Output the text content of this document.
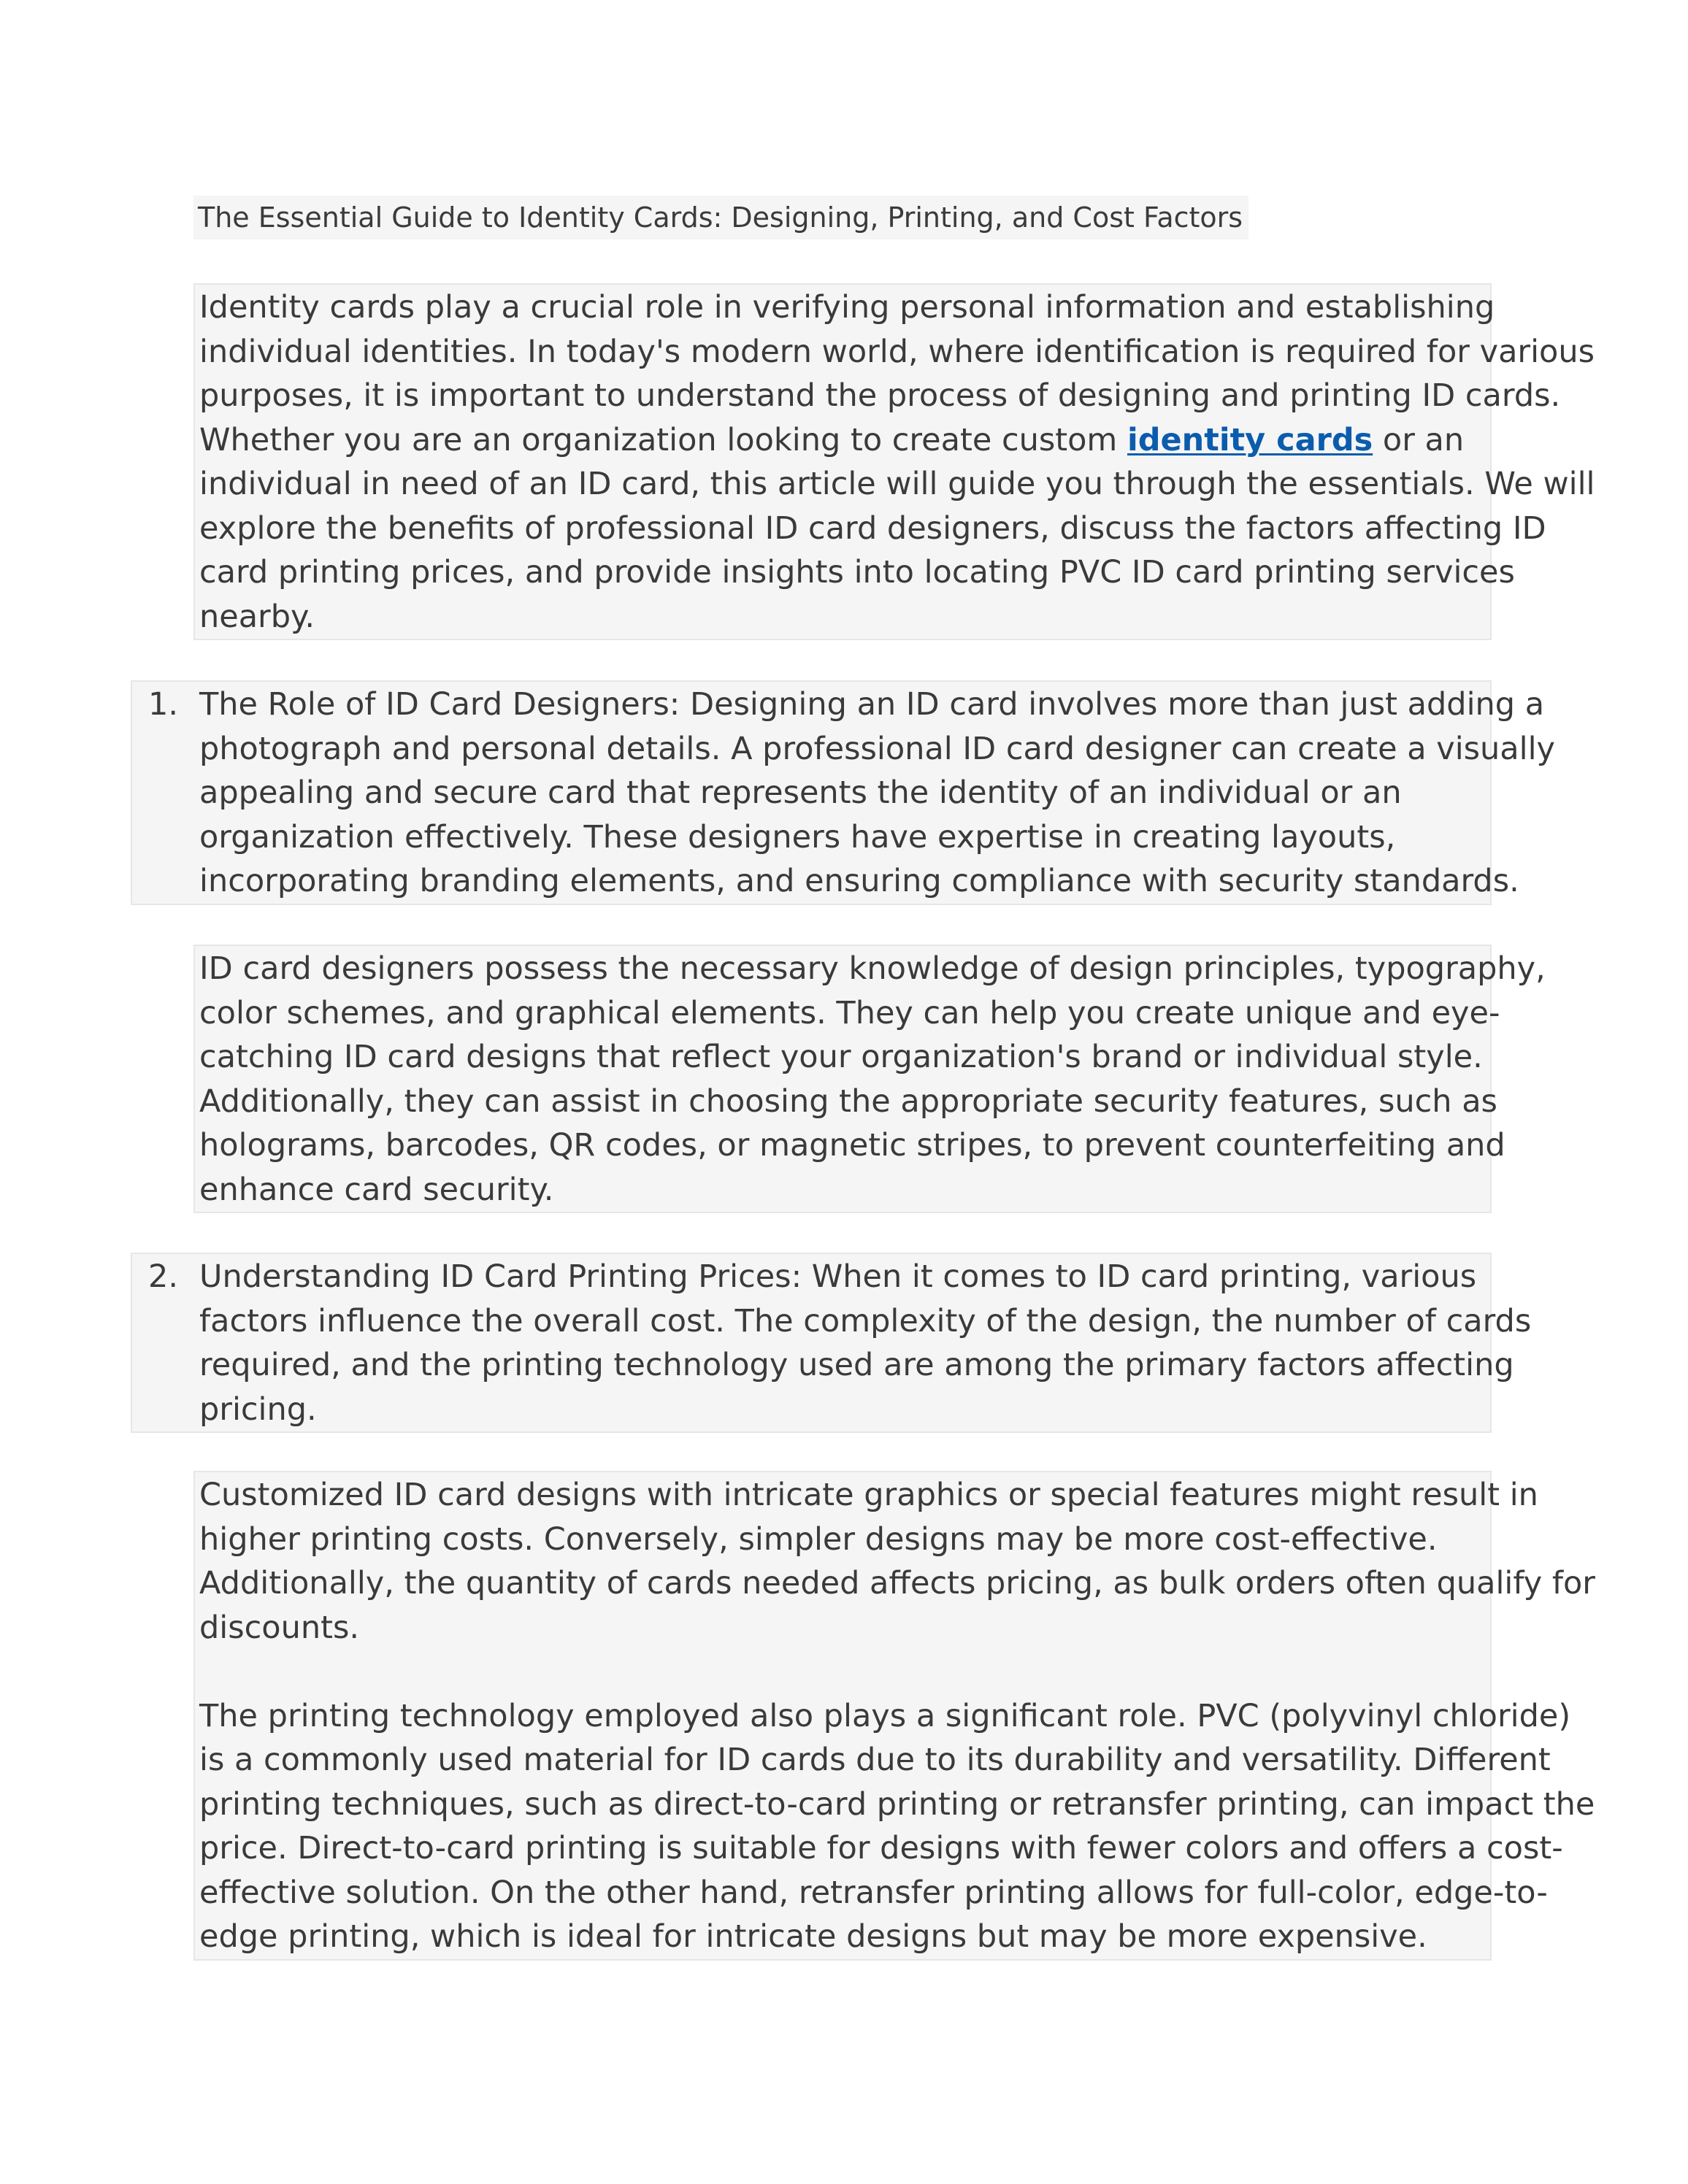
The Essential Guide to Identity Cards: Designing, Printing, and Cost Factors
Identity cards play a crucial role in verifying personal information and establishing
individual identities. In today's modern world, where identification is required for various
purposes, it is important to understand the process of designing and printing ID cards.
Whether you are an organization looking to create custom identity cards or an
individual in need of an ID card, this article will guide you through the essentials. We will
explore the benefits of professional ID card designers, discuss the factors affecting ID
card printing prices, and provide insights into locating PVC ID card printing services
nearby.
1. The Role of ID Card Designers: Designing an ID card involves more than just adding a
photograph and personal details. A professional ID card designer can create a visually
appealing and secure card that represents the identity of an individual or an
organization effectively. These designers have expertise in creating layouts,
incorporating branding elements, and ensuring compliance with security standards.
ID card designers possess the necessary knowledge of design principles, typography,
color schemes, and graphical elements. They can help you create unique and eye-
catching ID card designs that reflect your organization's brand or individual style.
Additionally, they can assist in choosing the appropriate security features, such as
holograms, barcodes, QR codes, or magnetic stripes, to prevent counterfeiting and
enhance card security.
2. Understanding ID Card Printing Prices: When it comes to ID card printing, various
factors influence the overall cost. The complexity of the design, the number of cards
required, and the printing technology used are among the primary factors affecting
pricing.
Customized ID card designs with intricate graphics or special features might result in
higher printing costs. Conversely, simpler designs may be more cost-effective.
Additionally, the quantity of cards needed affects pricing, as bulk orders often qualify for
discounts.
The printing technology employed also plays a significant role. PVC (polyvinyl chloride)
is a commonly used material for ID cards due to its durability and versatility. Different
printing techniques, such as direct-to-card printing or retransfer printing, can impact the
price. Direct-to-card printing is suitable for designs with fewer colors and offers a cost-
effective solution. On the other hand, retransfer printing allows for full-color, edge-to-
edge printing, which is ideal for intricate designs but may be more expensive.
